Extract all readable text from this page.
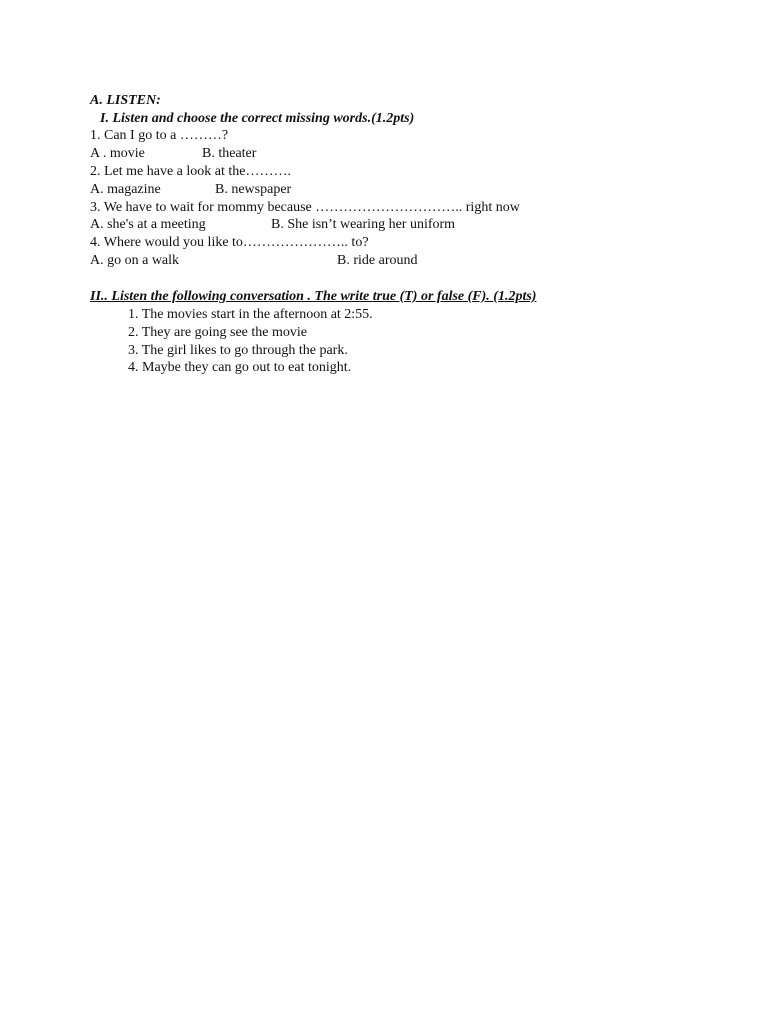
A. LISTEN:
I. Listen and choose the correct missing words.(1.2pts)
1. Can I go to a ………?
A . movie	B. theater
2. Let me have a look at the……….
A. magazine	B. newspaper
3. We have to wait for mommy because ………………………….. right now
A. she's at a meeting	B. She isn’t wearing her uniform
4. Where would you like to………………….. to?
A. go on a walk	B. ride around
II.. Listen the following conversation . The write true (T) or false (F). (1.2pts)
1. The movies start in the afternoon at 2:55.
2. They are going see the movie
3. The girl likes to go through the park.
4. Maybe they can go out to eat tonight.
